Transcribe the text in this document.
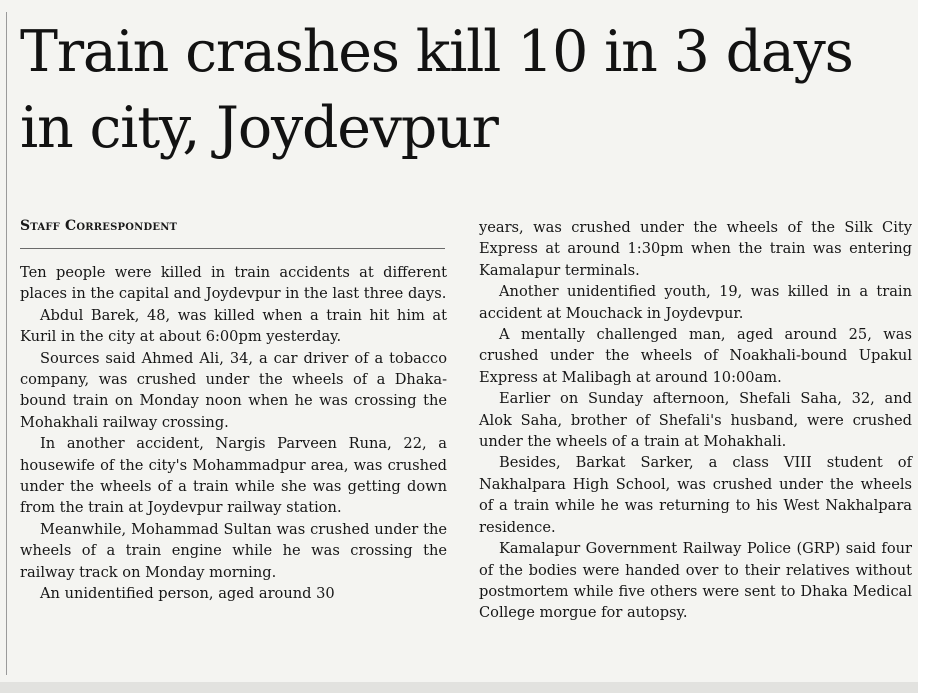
Train crashes kill 10 in 3 days in city, Joydevpur
Staff Correspondent

Ten people were killed in train accidents at different places in the capital and Joydevpur in the last three days.

Abdul Barek, 48, was killed when a train hit him at Kuril in the city at about 6:00pm yesterday.

Sources said Ahmed Ali, 34, a car driver of a tobacco company, was crushed under the wheels of a Dhaka-bound train on Monday noon when he was crossing the Mohakhali railway crossing.

In another accident, Nargis Parveen Runa, 22, a housewife of the city's Mohammadpur area, was crushed under the wheels of a train while she was getting down from the train at Joydevpur railway station.

Meanwhile, Mohammad Sultan was crushed under the wheels of a train engine while he was crossing the railway track on Monday morning.

An unidentified person, aged around 30

years, was crushed under the wheels of the Silk City Express at around 1:30pm when the train was entering Kamalapur terminals.

Another unidentified youth, 19, was killed in a train accident at Mouchack in Joydevpur.

A mentally challenged man, aged around 25, was crushed under the wheels of Noakhali-bound Upakul Express at Malibagh at around 10:00am.

Earlier on Sunday afternoon, Shefali Saha, 32, and Alok Saha, brother of Shefali's husband, were crushed under the wheels of a train at Mohakhali.

Besides, Barkat Sarker, a class VIII student of Nakhalpara High School, was crushed under the wheels of a train while he was returning to his West Nakhalpara residence.

Kamalapur Government Railway Police (GRP) said four of the bodies were handed over to their relatives without postmortem while five others were sent to Dhaka Medical College morgue for autopsy.
